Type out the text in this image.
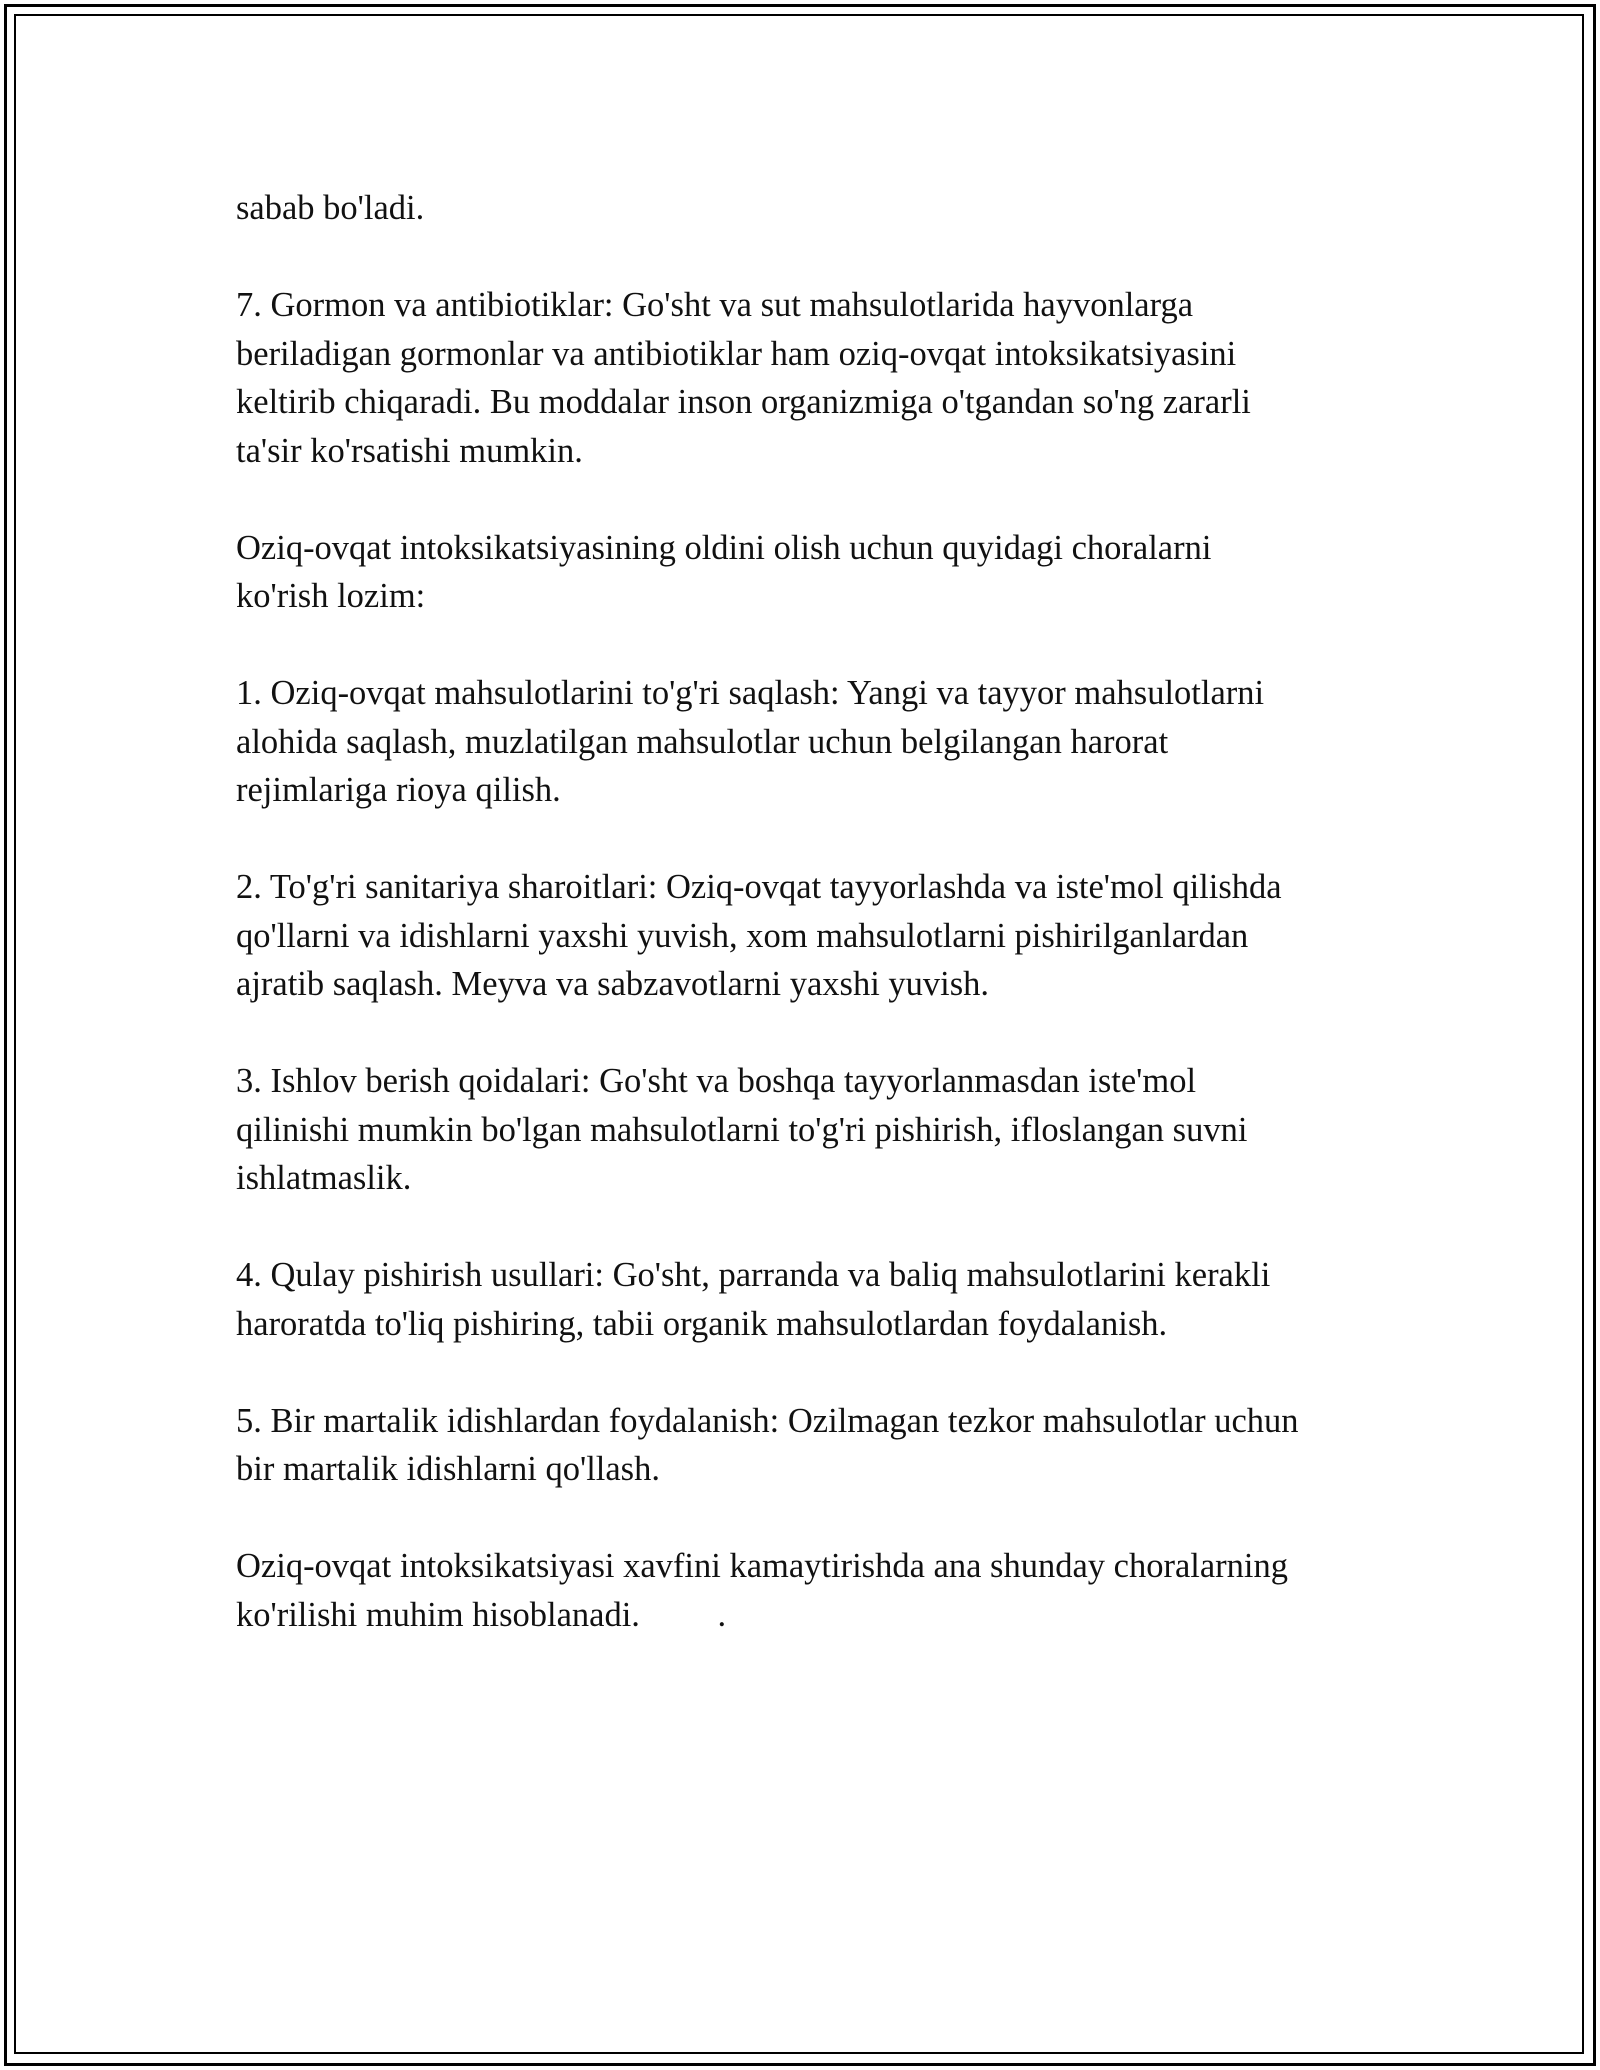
sabab bo'ladi.

7. Gormon va antibiotiklar: Go'sht va sut mahsulotlarida hayvonlarga
beriladigan gormonlar va antibiotiklar ham oziq-ovqat intoksikatsiyasini
keltirib chiqaradi. Bu moddalar inson organizmiga o'tgandan so'ng zararli
ta'sir ko'rsatishi mumkin.

Oziq-ovqat intoksikatsiyasining oldini olish uchun quyidagi choralarni
ko'rish lozim:

1. Oziq-ovqat mahsulotlarini to'g'ri saqlash: Yangi va tayyor mahsulotlarni
alohida saqlash, muzlatilgan mahsulotlar uchun belgilangan harorat
rejimlariga rioya qilish.

2. To'g'ri sanitariya sharoitlari: Oziq-ovqat tayyorlashda va iste'mol qilishda
qo'llarni va idishlarni yaxshi yuvish, xom mahsulotlarni pishirilganlardan
ajratib saqlash. Meyva va sabzavotlarni yaxshi yuvish.

3. Ishlov berish qoidalari: Go'sht va boshqa tayyorlanmasdan iste'mol
qilinishi mumkin bo'lgan mahsulotlarni to'g'ri pishirish, ifloslangan suvni
ishlatmaslik.

4. Qulay pishirish usullari: Go'sht, parranda va baliq mahsulotlarini kerakli
haroratda to'liq pishiring, tabii organik mahsulotlardan foydalanish.

5. Bir martalik idishlardan foydalanish: Ozilmagan tezkor mahsulotlar uchun
bir martalik idishlarni qo'llash.

Oziq-ovqat intoksikatsiyasi xavfini kamaytirishda ana shunday choralarning
ko'rilishi muhim hisoblanadi.         .
